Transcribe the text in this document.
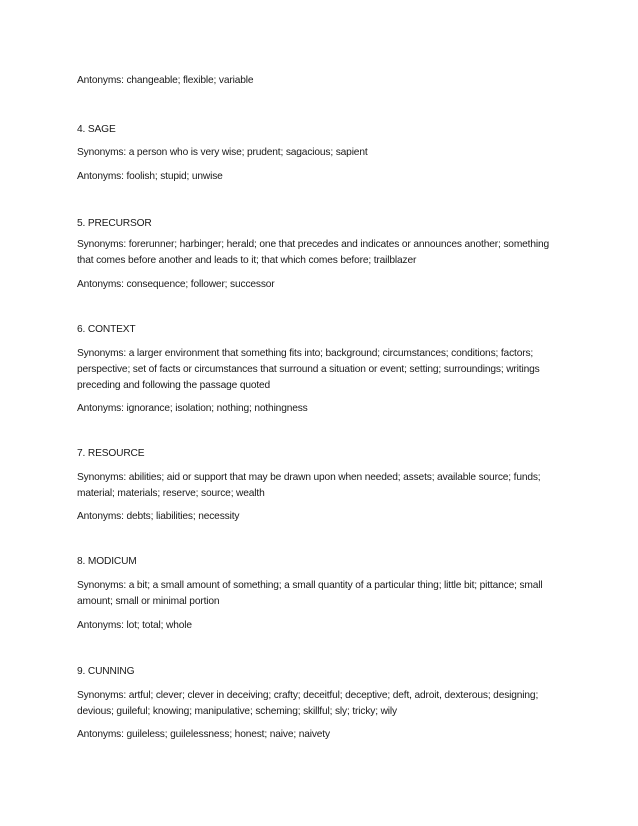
Antonyms: changeable; flexible; variable

4. SAGE

Synonyms: a person who is very wise; prudent; sagacious; sapient

Antonyms: foolish; stupid; unwise

5. PRECURSOR

Synonyms: forerunner; harbinger; herald; one that precedes and indicates or announces another; something that comes before another and leads to it; that which comes before; trailblazer

Antonyms: consequence; follower; successor

6. CONTEXT

Synonyms: a larger environment that something fits into; background; circumstances; conditions; factors; perspective; set of facts or circumstances that surround a situation or event; setting; surroundings; writings preceding and following the passage quoted

Antonyms: ignorance; isolation; nothing; nothingness

7. RESOURCE

Synonyms: abilities; aid or support that may be drawn upon when needed; assets; available source; funds; material; materials; reserve; source; wealth

Antonyms: debts; liabilities; necessity

8. MODICUM

Synonyms: a bit; a small amount of something; a small quantity of a particular thing; little bit; pittance; small amount; small or minimal portion

Antonyms: lot; total; whole

9. CUNNING

Synonyms: artful; clever; clever in deceiving; crafty; deceitful; deceptive; deft, adroit, dexterous; designing; devious; guileful; knowing; manipulative; scheming; skillful; sly; tricky; wily

Antonyms: guileless; guilelessness; honest; naive; naivety
